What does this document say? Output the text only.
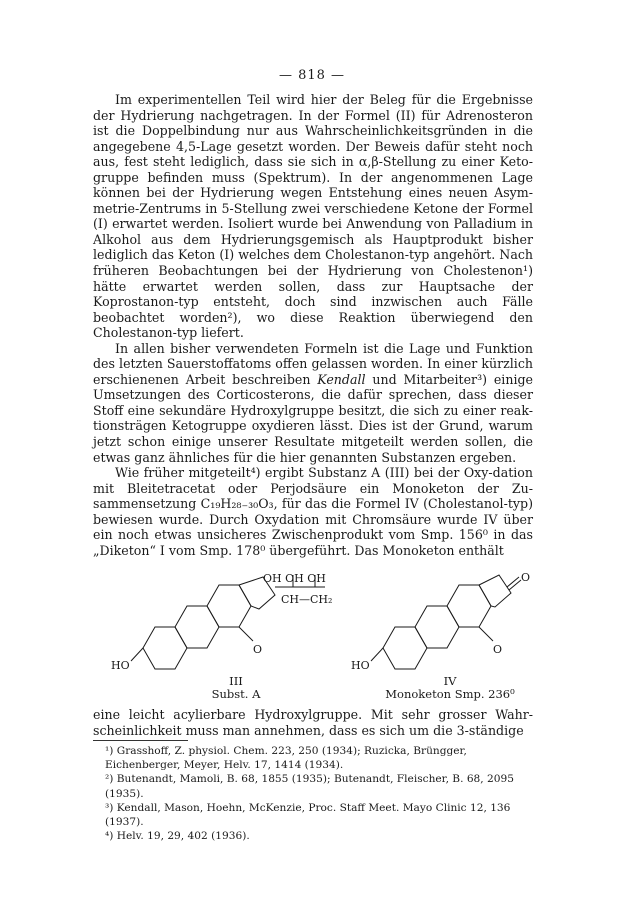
— 818 —

Im experimentellen Teil wird hier der Beleg für die Ergebnisse der Hydrierung nachgetragen. In der Formel (II) für Adrenosteron ist die Doppelbindung nur aus Wahrscheinlichkeitsgründen in die angegebene 4,5-Lage gesetzt worden. Der Beweis dafür steht noch aus, fest steht lediglich, dass sie sich in α,β-Stellung zu einer Keto-gruppe befinden muss (Spektrum). In der angenommenen Lage können bei der Hydrierung wegen Entstehung eines neuen Asym-metrie-Zentrums in 5-Stellung zwei verschiedene Ketone der Formel (I) erwartet werden. Isoliert wurde bei Anwendung von Palladium in Alkohol aus dem Hydrierungsgemisch als Hauptprodukt bisher lediglich das Keton (I) welches dem Cholestanon-typ angehört. Nach früheren Beobachtungen bei der Hydrierung von Cholestenon¹) hätte erwartet werden sollen, dass zur Hauptsache der Koprostanon-typ entsteht, doch sind inzwischen auch Fälle beobachtet worden²), wo diese Reaktion überwiegend den Cholestanon-typ liefert.

In allen bisher verwendeten Formeln ist die Lage und Funktion des letzten Sauerstoffatoms offen gelassen worden. In einer kürzlich erschienenen Arbeit beschreiben Kendall und Mitarbeiter³) einige Umsetzungen des Corticosterons, die dafür sprechen, dass dieser Stoff eine sekundäre Hydroxylgruppe besitzt, die sich zu einer reak-tionsträgen Ketogruppe oxydieren lässt. Dies ist der Grund, warum jetzt schon einige unserer Resultate mitgeteilt werden sollen, die etwas ganz ähnliches für die hier genannten Substanzen ergeben.

Wie früher mitgeteilt⁴) ergibt Substanz A (III) bei der Oxy-dation mit Bleitetracetat oder Perjodsäure ein Monoketon der Zu-sammensetzung C₁₉H₂₈₋₃₀O₃, für das die Formel IV (Cholestanol-typ) bewiesen wurde. Durch Oxydation mit Chromsäure wurde IV über ein noch etwas unsicheres Zwischenprodukt vom Smp. 156⁰ in das „Diketon“ I vom Smp. 178⁰ übergeführt. Das Monoketon enthält

OH OH OH
CH—CH₂
O
HO
O
O
HO
III
Subst. A
IV
Monoketon Smp. 236⁰

eine leicht acylierbare Hydroxylgruppe. Mit sehr grosser Wahr-scheinlichkeit muss man annehmen, dass es sich um die 3-ständige

¹) Grasshoff, Z. physiol. Chem. 223, 250 (1934); Ruzicka, Brüngger, Eichenberger, Meyer, Helv. 17, 1414 (1934).
²) Butenandt, Mamoli, B. 68, 1855 (1935); Butenandt, Fleischer, B. 68, 2095 (1935).
³) Kendall, Mason, Hoehn, McKenzie, Proc. Staff Meet. Mayo Clinic 12, 136 (1937).
⁴) Helv. 19, 29, 402 (1936).
